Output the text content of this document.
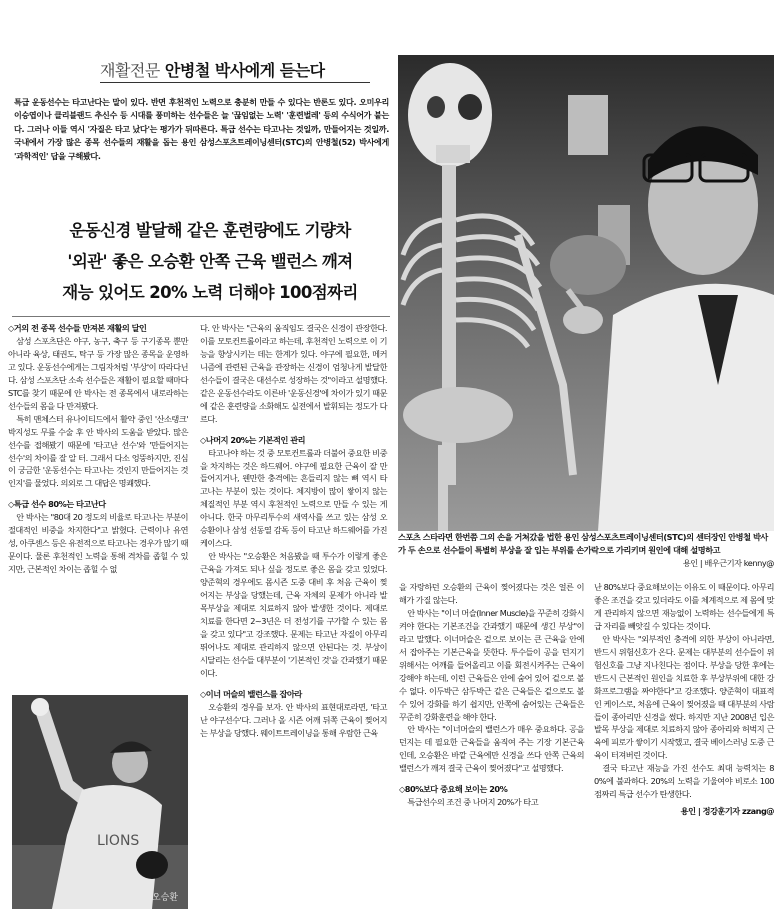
재활전문 안병철 박사에게 듣는다
특급 운동선수는 타고난다는 말이 있다. 반면 후천적인 노력으로 충분히 만들 수 있다는 반론도 있다. 오미우리 이승엽이나 클리블랜드 추신수 등 시대를 풍미하는 선수들은 늘 '끊임없는 노력' '훈련벌레' 등의 수식어가 붙는다. 그러나 이들 역시 '자질은 타고 났다'는 평가가 뒤따른다. 특급 선수는 타고나는 것일까, 만들어지는 것일까. 국내에서 가장 많은 종목 선수들의 재활을 돕는 용인 삼성스포츠트레이닝센터(STC)의 안병철(52) 박사에게 '과학적인' 답을 구해봤다.
운동신경 발달해 같은 훈련량에도 기량차
'외관' 좋은 오승환 안쪽 근육 밸런스 깨져
재능 있어도 20% 노력 더해야 100점짜리
스포츠 스타라면 한번쯤 그의 손을 거쳐갔을 법한 용인 삼성스포츠트레이닝센터(STC)의 센터장인 안병철 박사가 두 손으로 선수들이 특별히 부상을 잘 입는 부위를 손가락으로 가리키며 원인에 대해 설명하고
용인 | 배우근기자 kenny@

◇거의 전 종목 선수들 만져본 재활의 달인

삼성 스포츠단은 야구, 농구, 축구 등 구기종목 뿐만 아니라 육상, 태권도, 탁구 등 가장 많은 종목을 운영하고 있다. 운동선수에게는 그림자처럼 '부상'이 따라다닌다. 삼성 스포츠단 소속 선수들은 재활이 필요할 때마다 STC를 찾기 때문에 안 박사는 전 종목에서 내로라하는 선수들의 몸을 다 만져봤다.

특히 맨체스터 유나이티드에서 활약 중인 '산소탱크' 박지성도 무릎 수술 후 안 박사의 도움을 받았다. 많은 선수를 접해봤기 때문에 '타고난 선수'와 '만들어지는 선수'의 차이를 잘 알 터. 그래서 다소 엉뚱하지만, 진심이 궁금한 '운동선수는 타고나는 것인지 만들어지는 것인지'를 물었다. 의외로 그 대답은 명쾌했다.

◇특급 선수 80%는 타고난다

안 박사는 "80대 20 정도의 비율로 타고나는 부분이 절대적인 비중을 차지한다"고 밝혔다. 근력이나 유연성, 아쿠센스 등은 유전적으로 타고나는 경우가 많기 때문이다. 물론 후천적인 노력을 통해 격차를 좁힐 수 있지만, 근본적인 차이는 좁힐 수 없

LIONS
오승환

다. 안 박사는 "근육의 움직임도 결국은 신경이 관장한다. 이를 모토컨트롤이라고 하는데, 후천적인 노력으로 이 기능을 향상시키는 데는 한계가 있다. 야구에 필요한, 메커니즘에 관련된 근육을 관장하는 신경이 엄청나게 발달한 선수들이 결국은 대선수로 성장하는 것"이라고 설명했다. 같은 운동선수라도 이른바 '운동신경'에 차이가 있기 때문에 같은 훈련량을 소화해도 실전에서 발휘되는 정도가 다르다.

◇나머지 20%는 기본적인 관리

타고나야 하는 것 중 모토컨트롤과 더불어 중요한 비중을 차지하는 것은 하드웨어. 야구에 필요한 근육이 잘 만들어지거나, 웬만한 충격에는 흔들리지 않는 뼈 역시 타고나는 부분이 있는 것이다. 체지방이 많이 쌓이지 않는 체질적인 부분 역시 후천적인 노력으로 만들 수 있는 게 아니다. 한국 마무리투수의 새역사를 쓰고 있는 삼성 오승환이나 삼성 선동열 감독 등이 타고난 하드웨어를 가진 케이스다.

안 박사는 "오승환은 처음봤을 때 투수가 이렇게 좋은 근육을 가져도 되나 싶을 정도로 좋은 몸을 갖고 있었다. 양준혁의 경우에도 몸시즌 도중 대비 후 처음 근육이 찢어지는 부상을 당했는데, 근육 자체의 문제가 아니라 발목부상을 제대로 치료하지 않아 발생한 것이다. 제대로 치료를 한다면 2~3년은 더 전성기를 구가할 수 있는 몸을 갖고 있다"고 강조했다. 문제는 타고난 자질이 아무리 뛰어나도 제대로 관리하지 않으면 안된다는 것. 부상이 시달리는 선수들 대부분이 '기본적인 것'을 간과했기 때문이다.

◇이너 머슬의 밸런스를 잡아라

오승환의 경우를 보자. 안 박사의 표현대로라면, '타고난 야구선수'다. 그러나 올 시즌 어깨 뒤쪽 근육이 찢어지는 부상을 당했다. 웨이트트레이닝을 통해 우람한 근육

을 자랑하던 오승환의 근육이 찢어졌다는 것은 얼른 이해가 가질 않는다.

안 박사는 "이너 머슬(Inner Muscle)을 꾸준히 강화시켜야 한다는 기본조건을 간과했기 때문에 생긴 부상"이라고 말했다. 이너머슬은 겉으로 보이는 큰 근육을 안에서 잡아주는 기본근육을 뜻한다. 투수들이 공을 던지기 위해서는 어깨를 들어올리고 이를 회전시켜주는 근육이 강해야 하는데, 이런 근육들은 안에 숨어 있어 겉으로 볼 수 없다. 이두박근 삼두박근 같은 근육들은 겉으로도 볼 수 있어 강화를 하기 쉽지만, 안쪽에 숨어있는 근육들은 꾸준히 강화훈련을 해야 한다.

안 박사는 "이너머슬의 밸런스가 매우 중요하다. 공을 던지는 데 필요한 근육들을 움직여 주는 기장 기본근육인데, 오승환은 바깥 근육에만 신경을 쓰다 안쪽 근육의 밸런스가 깨져 결국 근육이 찢어졌다"고 설명했다.

◇80%보다 중요해 보이는 20%

특급선수의 조건 중 나머지 20%가 타고

난 80%보다 중요해보이는 이유도 이 때문이다. 아무리 좋은 조건을 갖고 있더라도 이를 체계적으로 제 몸에 맞게 관리하지 않으면 재능없이 노력하는 선수들에게 특급 자리를 빼앗길 수 있다는 것이다.

안 박사는 "외부적인 충격에 의한 부상이 아니라면, 반드시 위험신호가 온다. 문제는 대부분의 선수들이 위험신호를 그냥 지나친다는 점이다. 부상을 당한 후에는 반드시 근본적인 원인을 치료한 후 부상부위에 대한 강화프로그램을 짜야한다"고 강조했다. 양준혁이 대표적인 케이스로, 처음에 근육이 찢어졌을 때 대부분의 사람들이 종아리만 신경을 썼다. 하지만 지난 2008년 입은 발목 부상을 제대로 치료하지 않아 종아리와 허벅지 근육에 피로가 쌓이기 시작했고, 결국 베이스러닝 도중 근육이 터져버린 것이다.

결국 타고난 재능을 가진 선수도 최대 능력치는 80%에 불과하다. 20%의 노력을 기울여야 비로소 100점짜리 특급 선수가 탄생한다.

용인 | 정강훈기자 zzang@
